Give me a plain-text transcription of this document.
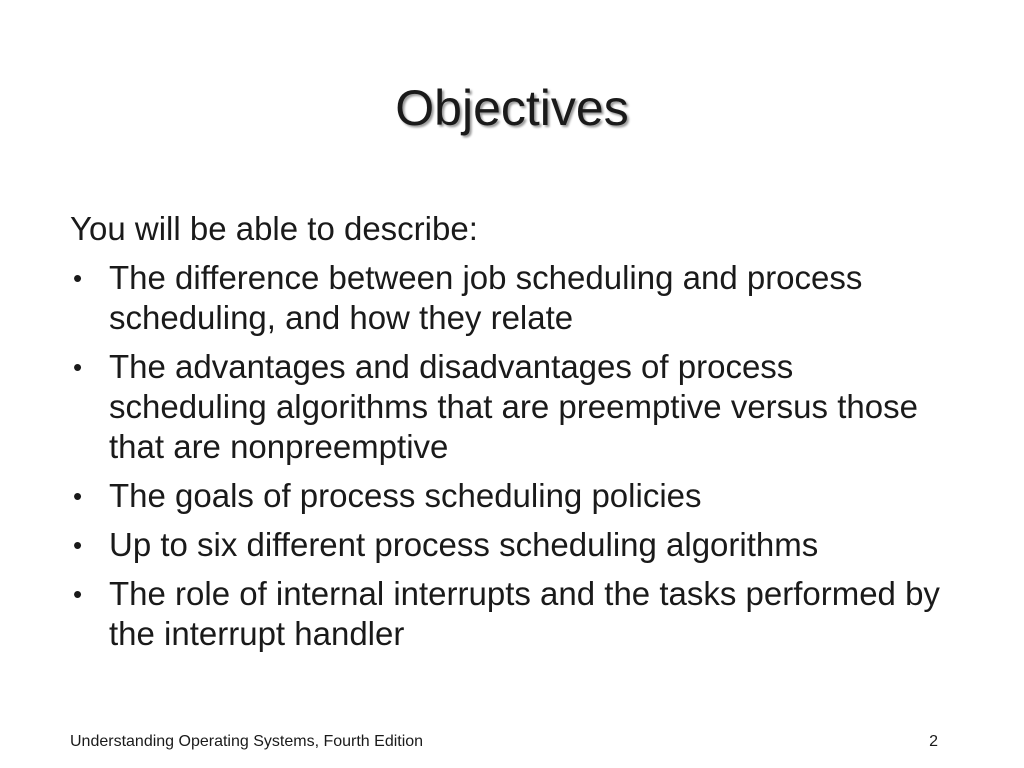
Objectives

You will be able to describe:

• The difference between job scheduling and process scheduling, and how they relate
• The advantages and disadvantages of process scheduling algorithms that are preemptive versus those that are nonpreemptive
• The goals of process scheduling policies
• Up to six different process scheduling algorithms
• The role of internal interrupts and the tasks performed by the interrupt handler
Understanding Operating Systems, Fourth Edition	2
